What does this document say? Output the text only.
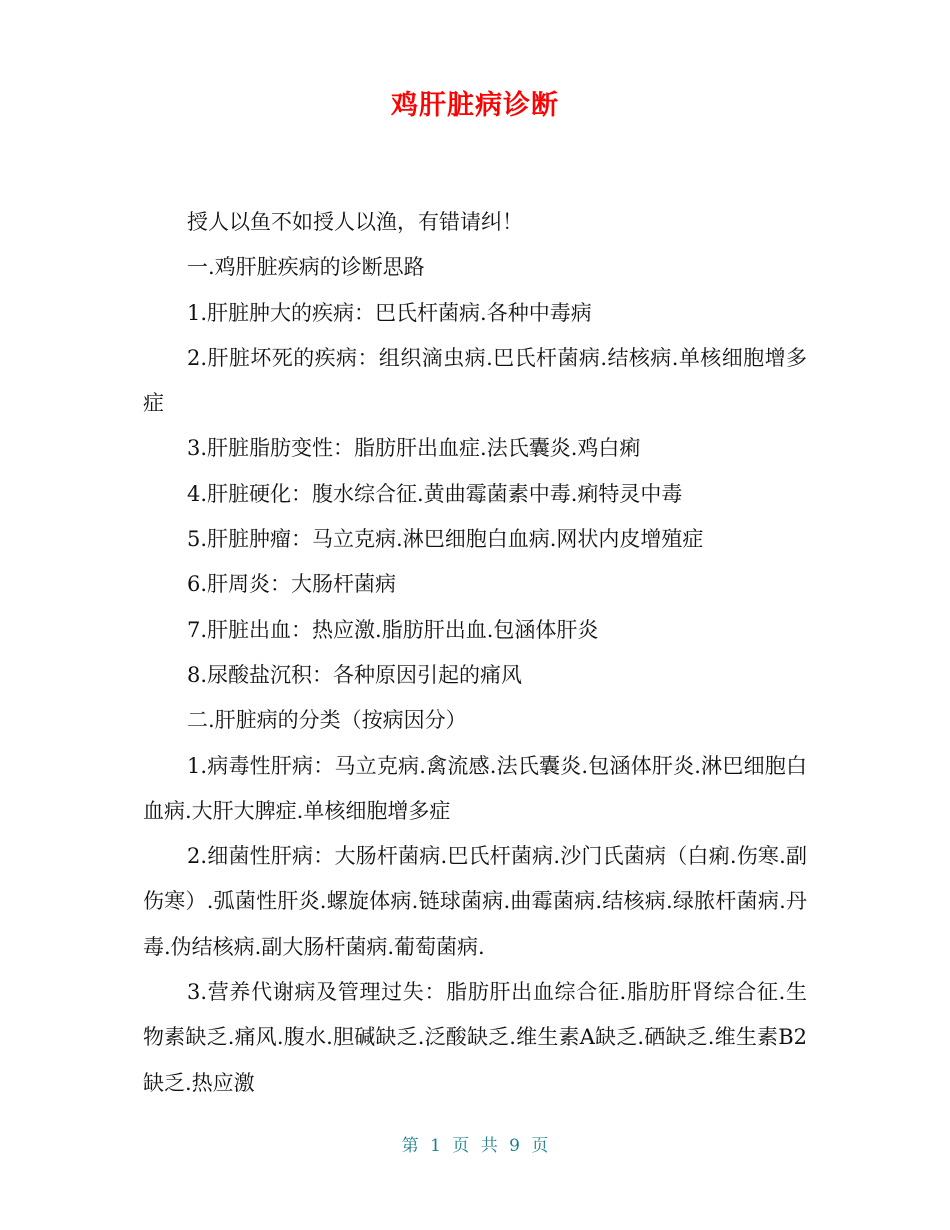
鸡肝脏病诊断

授人以鱼不如授人以渔，有错请纠！

一.鸡肝脏疾病的诊断思路

1.肝脏肿大的疾病：巴氏杆菌病.各种中毒病

2.肝脏坏死的疾病：组织滴虫病.巴氏杆菌病.结核病.单核细胞增多症

3.肝脏脂肪变性：脂肪肝出血症.法氏囊炎.鸡白痢

4.肝脏硬化：腹水综合征.黄曲霉菌素中毒.痢特灵中毒

5.肝脏肿瘤：马立克病.淋巴细胞白血病.网状内皮增殖症

6.肝周炎：大肠杆菌病

7.肝脏出血：热应激.脂肪肝出血.包涵体肝炎

8.尿酸盐沉积：各种原因引起的痛风

二.肝脏病的分类（按病因分）

1.病毒性肝病：马立克病.禽流感.法氏囊炎.包涵体肝炎.淋巴细胞白血病.大肝大脾症.单核细胞增多症

2.细菌性肝病：大肠杆菌病.巴氏杆菌病.沙门氏菌病（白痢.伤寒.副伤寒）.弧菌性肝炎.螺旋体病.链球菌病.曲霉菌病.结核病.绿脓杆菌病.丹毒.伪结核病.副大肠杆菌病.葡萄菌病.

3.营养代谢病及管理过失：脂肪肝出血综合征.脂肪肝肾综合征.生物素缺乏.痛风.腹水.胆碱缺乏.泛酸缺乏.维生素A缺乏.硒缺乏.维生素B2缺乏.热应激

第 1 页 共 9 页
